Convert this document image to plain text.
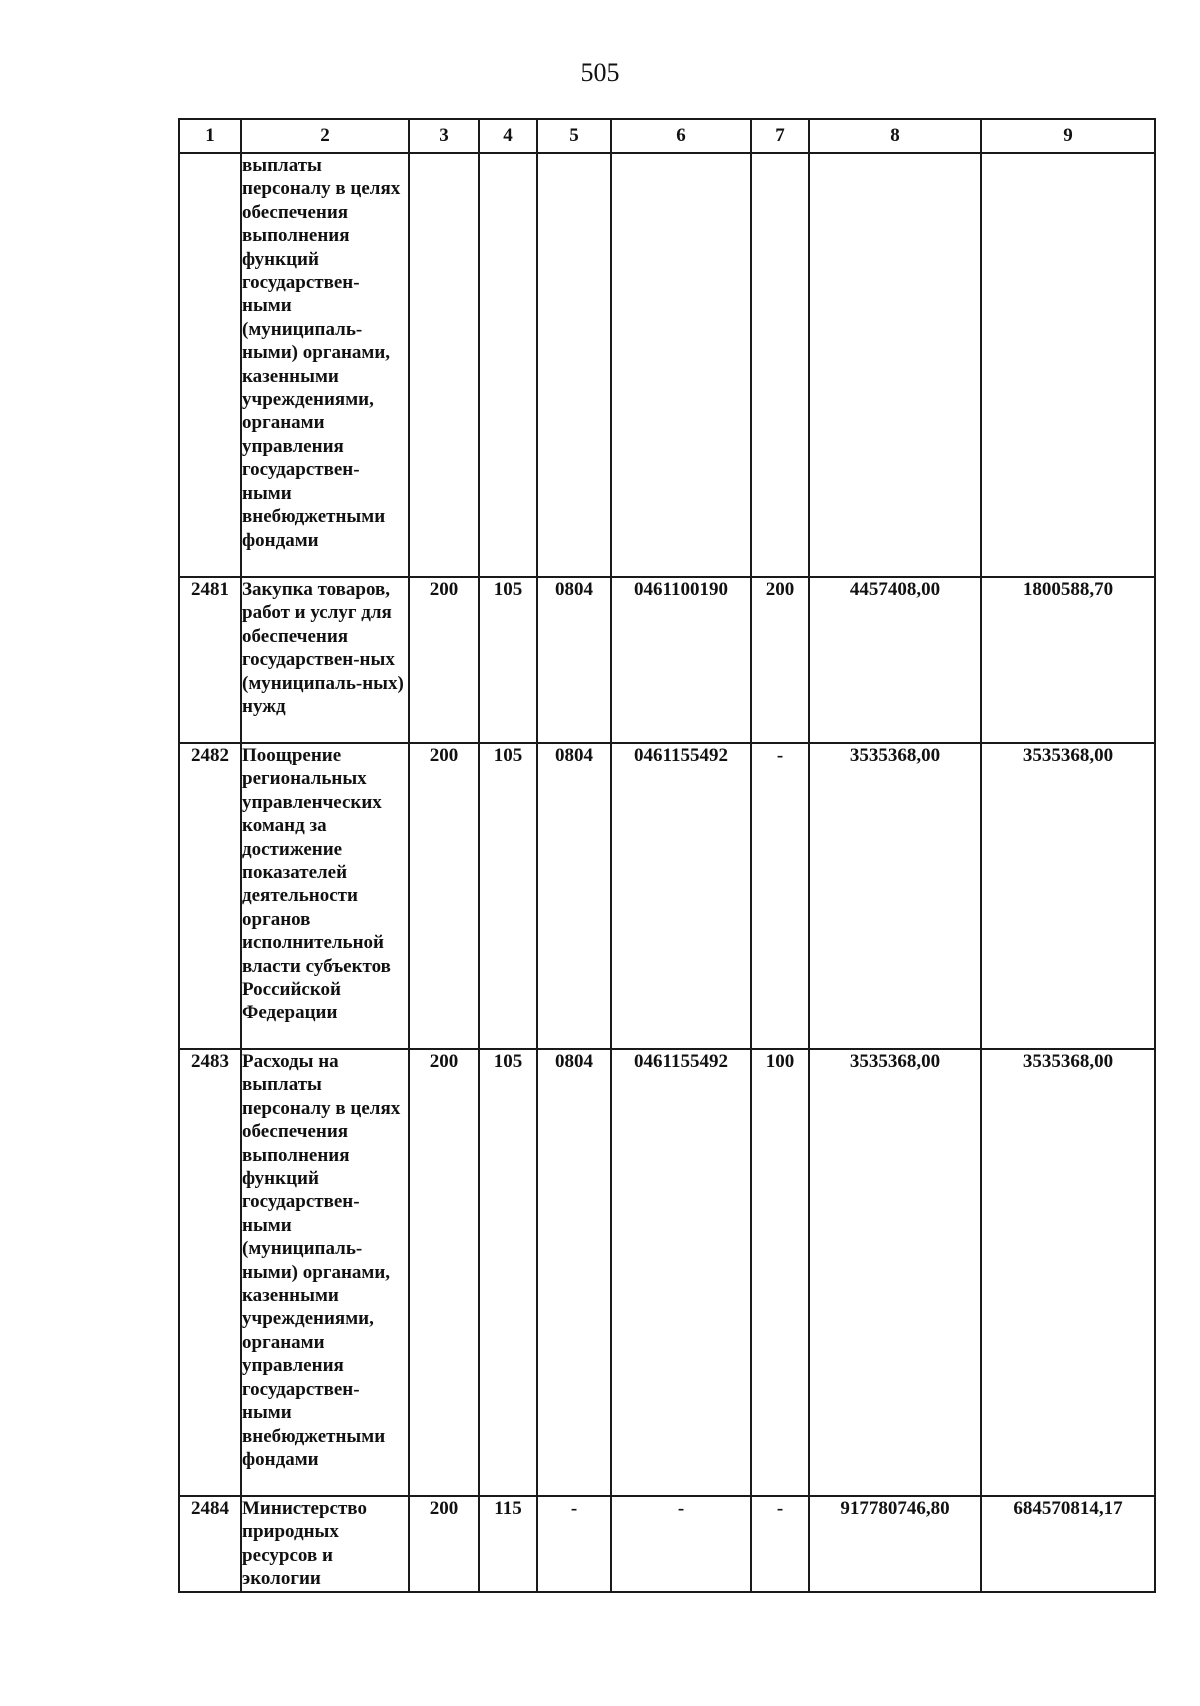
505
1	2	3	4	5	6	7	8	9
	выплаты персоналу в целях обеспечения выполнения функций государствен-ными (муниципаль-ными) органами, казенными учреждениями, органами управления государствен-ными внебюджетными фондами							
2481	Закупка товаров, работ и услуг для обеспечения государствен-ных (муниципаль-ных) нужд	200	105	0804	0461100190	200	4457408,00	1800588,70
2482	Поощрение региональных управленческих команд за достижение показателей деятельности органов исполнительной власти субъектов Российской Федерации	200	105	0804	0461155492	-	3535368,00	3535368,00
2483	Расходы на выплаты персоналу в целях обеспечения выполнения функций государствен-ными (муниципаль-ными) органами, казенными учреждениями, органами управления государствен-ными внебюджетными фондами	200	105	0804	0461155492	100	3535368,00	3535368,00
2484	Министерство природных ресурсов и экологии	200	115	-	-	-	917780746,80	684570814,17
